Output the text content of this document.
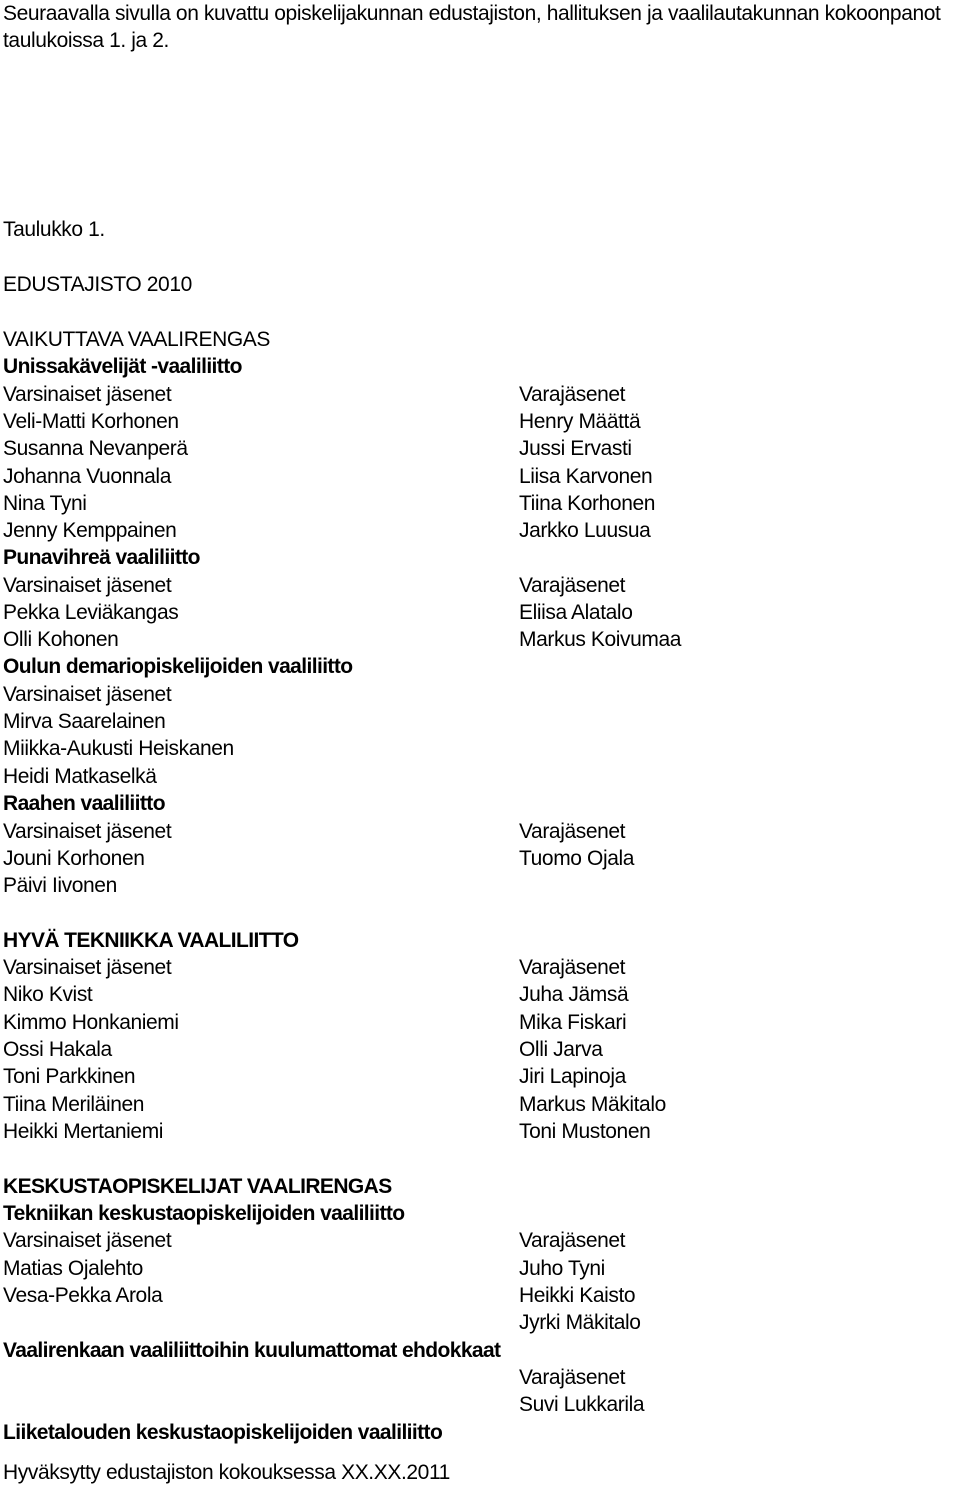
Seuraavalla sivulla on kuvattu opiskelijakunnan edustajiston, hallituksen ja vaalilautakunnan kokoonpanot taulukoissa 1. ja 2.
Taulukko 1.
EDUSTAJISTO 2010
VAIKUTTAVA VAALIRENGAS
Unissakävelijät -vaaliliitto
Varsinaiset jäsenet
Veli-Matti Korhonen
Susanna Nevanperä
Johanna Vuonnala
Nina Tyni
Jenny Kemppainen
Varajäsenet
Henry Määttä
Jussi Ervasti
Liisa Karvonen
Tiina Korhonen
Jarkko Luusua
Punavihreä vaaliliitto
Varsinaiset jäsenet
Pekka Leviäkangas
Olli Kohonen
Varajäsenet
Eliisa Alatalo
Markus Koivumaa
Oulun demariopiskelijoiden vaaliliitto
Varsinaiset jäsenet
Mirva Saarelainen
Miikka-Aukusti Heiskanen
Heidi Matkaselkä
Raahen vaaliliitto
Varsinaiset jäsenet
Jouni Korhonen
Päivi Iivonen
Varajäsenet
Tuomo Ojala
HYVÄ TEKNIIKKA VAALILIITTO
Varsinaiset jäsenet
Niko Kvist
Kimmo Honkaniemi
Ossi Hakala
Toni Parkkinen
Tiina Meriläinen
Heikki Mertaniemi
Varajäsenet
Juha Jämsä
Mika Fiskari
Olli Jarva
Jiri Lapinoja
Markus Mäkitalo
Toni Mustonen
KESKUSTAOPISKELIJAT VAALIRENGAS
Tekniikan keskustaopiskelijoiden vaaliliitto
Varsinaiset jäsenet
Matias Ojalehto
Vesa-Pekka Arola
Varajäsenet
Juho Tyni
Heikki Kaisto
Jyrki Mäkitalo
Vaalirenkaan vaaliliittoihin kuulumattomat ehdokkaat
Varajäsenet
Suvi Lukkarila
Liiketalouden keskustaopiskelijoiden vaaliliitto
Hyväksytty edustajiston kokouksessa XX.XX.2011
